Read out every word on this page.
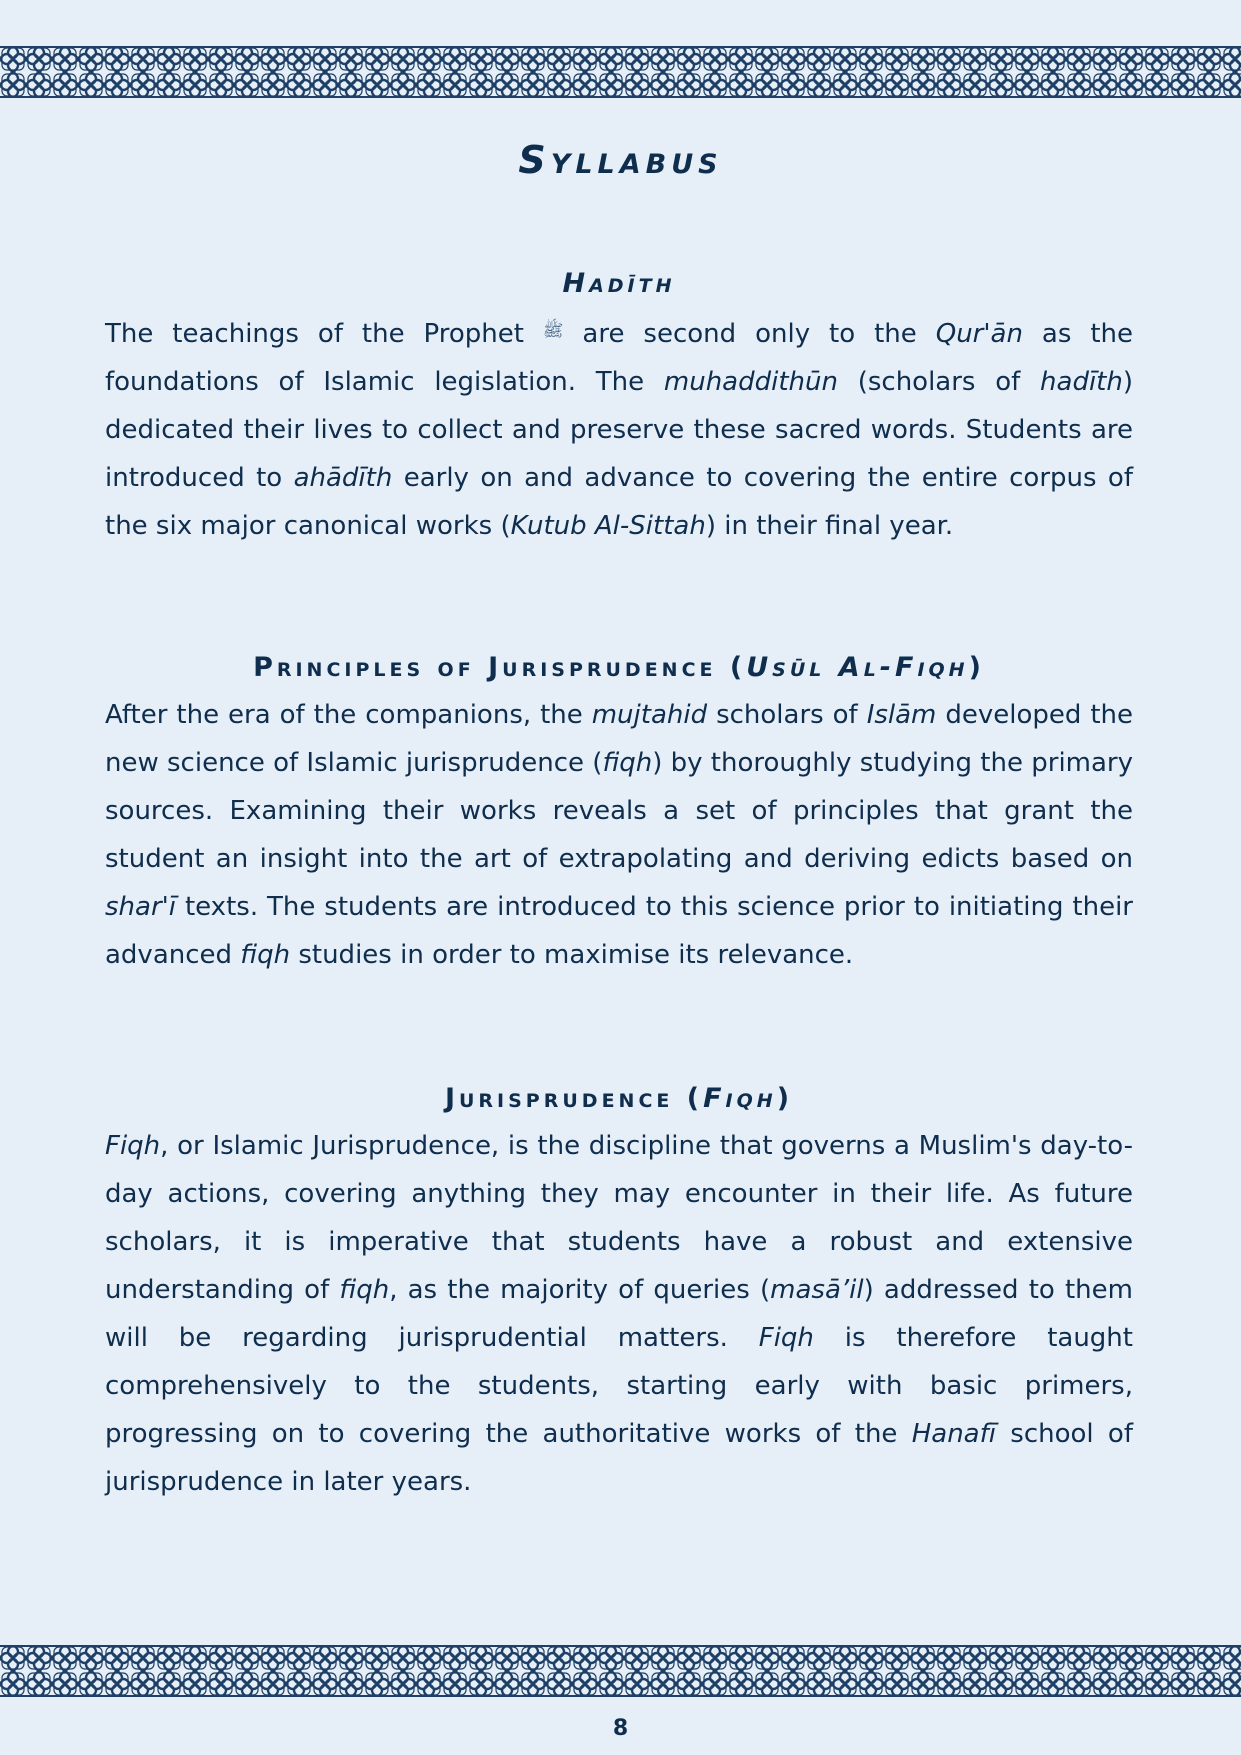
Syllabus
Hadīth

The teachings of the Prophet ﷺ are second only to the Qur'ān as the foundations of Islamic legislation. The muhaddithūn (scholars of hadīth) dedicated their lives to collect and preserve these sacred words. Students are introduced to ahādīth early on and advance to covering the entire corpus of the six major canonical works (Kutub Al-Sittah) in their final year.

Principles of Jurisprudence (Usūl Al-Fiqh)

After the era of the companions, the mujtahid scholars of Islām developed the new science of Islamic jurisprudence (fiqh) by thoroughly studying the primary sources. Examining their works reveals a set of principles that grant the student an insight into the art of extrapolating and deriving edicts based on shar'ī texts. The students are introduced to this science prior to initiating their advanced fiqh studies in order to maximise its relevance.

Jurisprudence (Fiqh)

Fiqh, or Islamic Jurisprudence, is the discipline that governs a Muslim's day-to-day actions, covering anything they may encounter in their life. As future scholars, it is imperative that students have a robust and extensive understanding of fiqh, as the majority of queries (masā’il) addressed to them will be regarding jurisprudential matters. Fiqh is therefore taught comprehensively to the students, starting early with basic primers, progressing on to covering the authoritative works of the Hanafī school of jurisprudence in later years.

8
